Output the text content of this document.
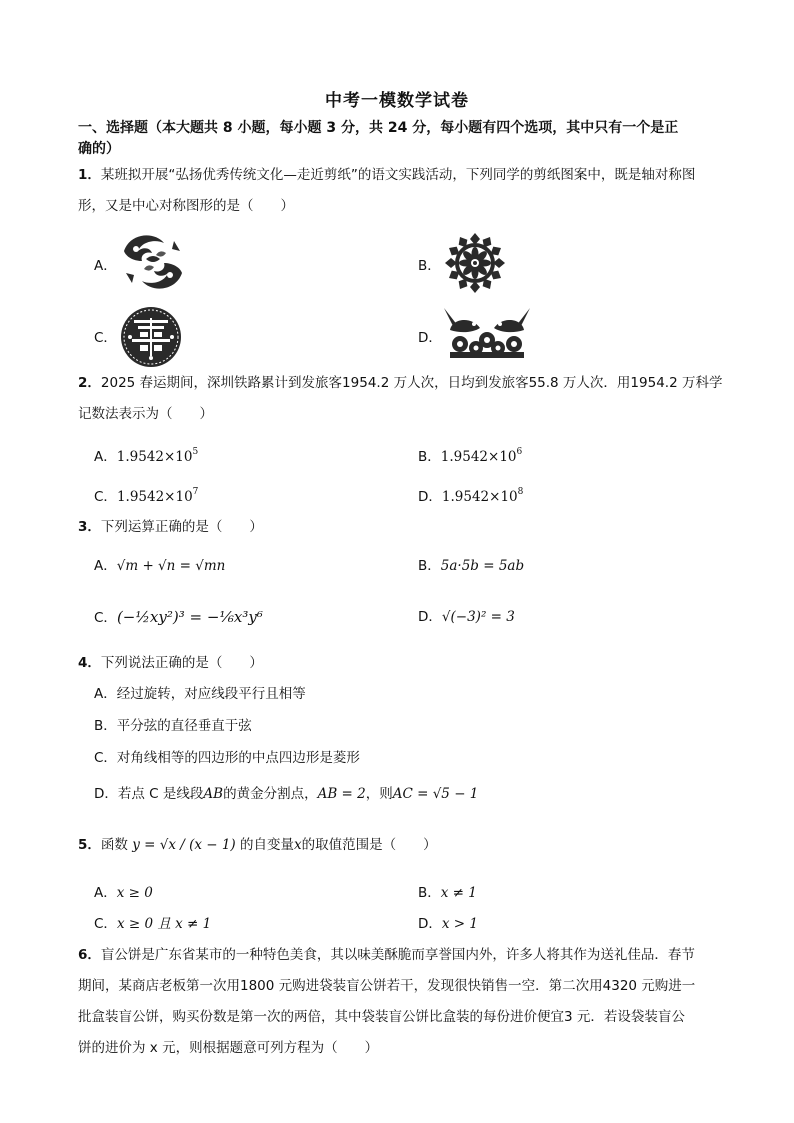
中考一模数学试卷
一、选择题（本大题共 8 小题，每小题 3 分，共 24 分，每小题有四个选项，其中只有一个是正
确的）
1．某班拟开展“弘扬优秀传统文化—走近剪纸”的语文实践活动，下列同学的剪纸图案中，既是轴对称图
形，又是中心对称图形的是（　　）
A．	B．
C．	D．
2．2025 春运期间，深圳铁路累计到发旅客1954.2 万人次，日均到发旅客55.8 万人次．用1954.2 万科学
记数法表示为（　　）
A．$1.9542\times 10^5$	B．$1.9542\times 10^6$
C．$1.9542\times 10^7$	D．$1.9542\times 10^8$
3．下列运算正确的是（　　）
A．√m + √n = √mn	B．5a·5b = 5ab
C．(−½xy²)³ = −⅙x³y⁶	D．√(−3)² = 3
4．下列说法正确的是（　　）
A．经过旋转，对应线段平行且相等
B．平分弦的直径垂直于弦
C．对角线相等的四边形的中点四边形是菱形
D．若点 C 是线段AB的黄金分割点，AB = 2，则AC = √5 − 1
5．函数 y = √x / (x − 1) 的自变量x的取值范围是（　　）
A．x ≥ 0	B．x ≠ 1
C．x ≥ 0 且 x ≠ 1	D．x > 1
6．盲公饼是广东省某市的一种特色美食，其以味美酥脆而享誉国内外，许多人将其作为送礼佳品．春节
期间，某商店老板第一次用1800 元购进袋装盲公饼若干，发现很快销售一空．第二次用4320 元购进一
批盒装盲公饼，购买份数是第一次的两倍，其中袋装盲公饼比盒装的每份进价便宜3 元．若设袋装盲公
饼的进价为 x 元，则根据题意可列方程为（　　）
